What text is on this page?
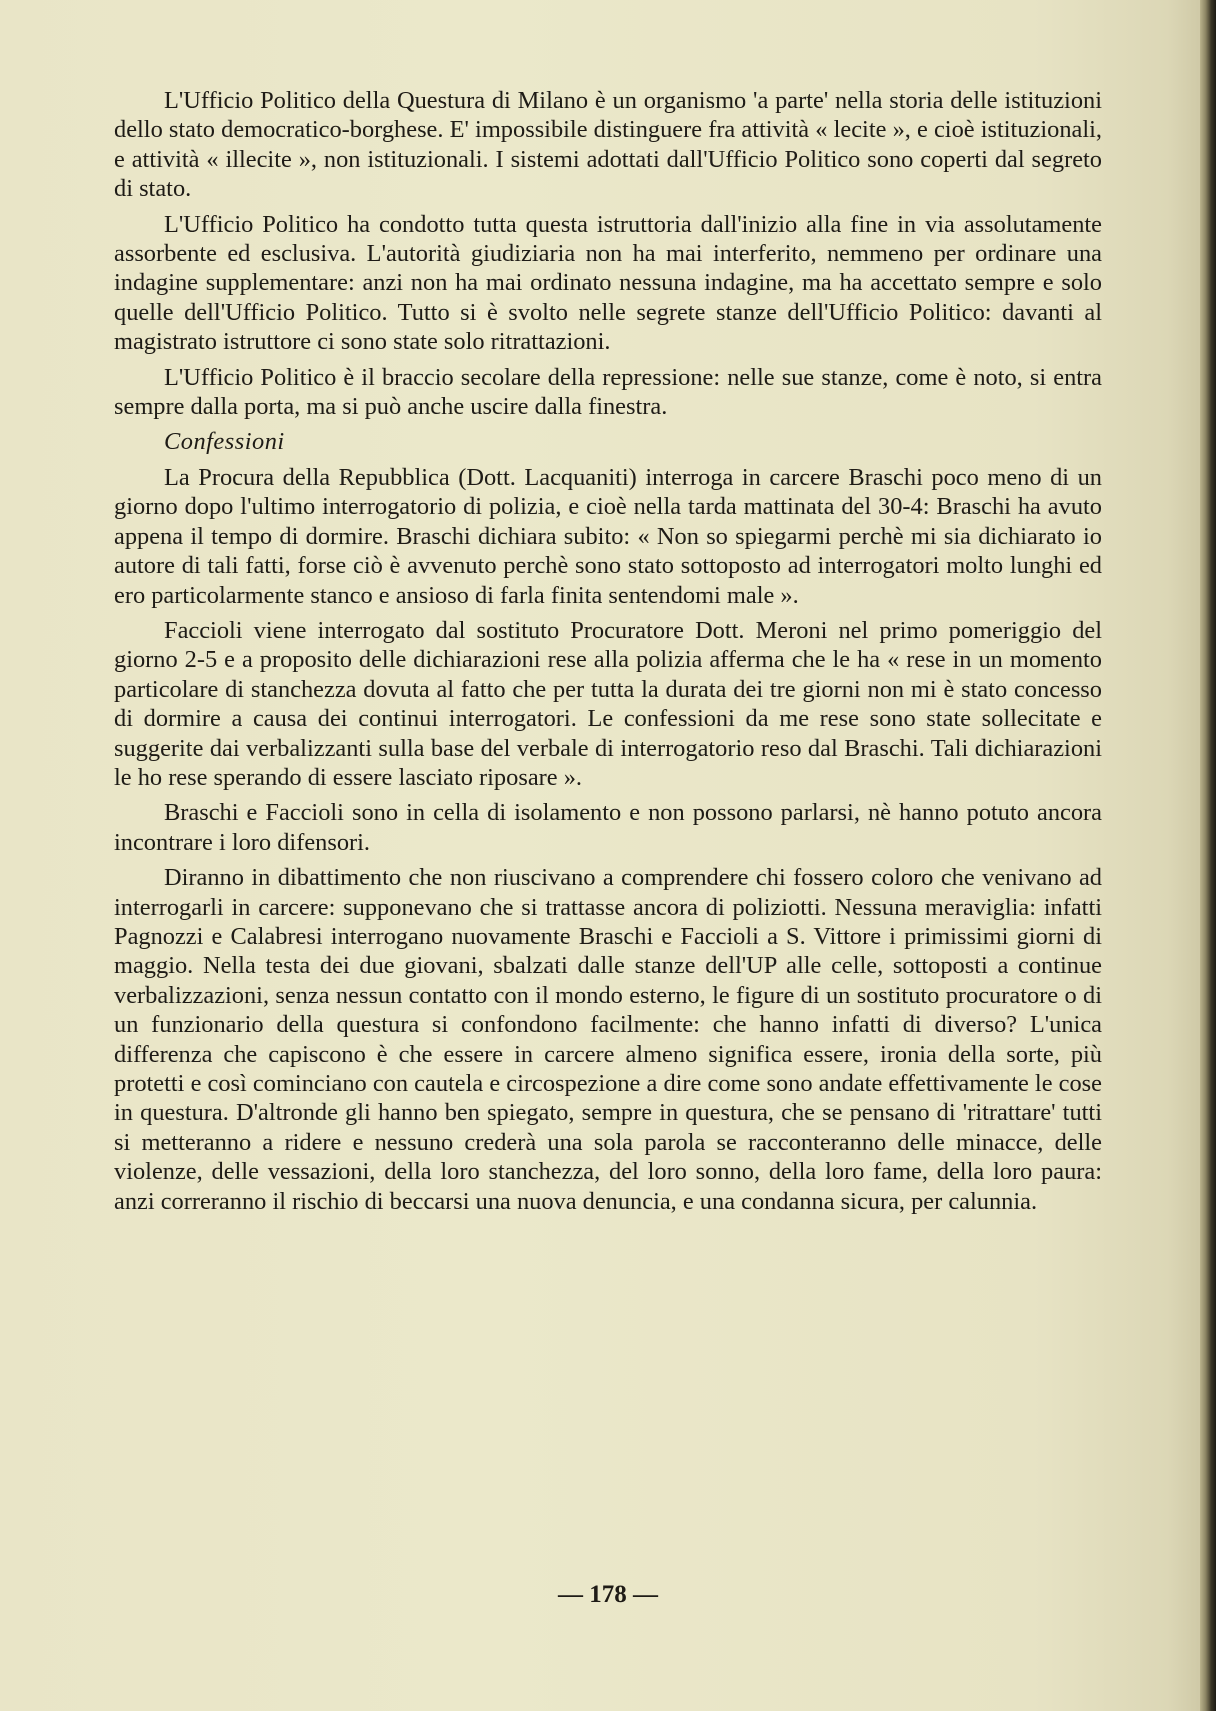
L'Ufficio Politico della Questura di Milano è un organismo 'a parte' nella storia delle istituzioni dello stato democratico-borghese. E' impossibile distinguere fra attività « lecite », e cioè istituzionali, e attività « illecite », non istituzionali. I sistemi adottati dall'Ufficio Politico sono coperti dal segreto di stato.

L'Ufficio Politico ha condotto tutta questa istruttoria dall'inizio alla fine in via assolutamente assorbente ed esclusiva. L'autorità giudiziaria non ha mai interferito, nemmeno per ordinare una indagine supplementare: anzi non ha mai ordinato nessuna indagine, ma ha accettato sempre e solo quelle dell'Ufficio Politico. Tutto si è svolto nelle segrete stanze dell'Ufficio Politico: davanti al magistrato istruttore ci sono state solo ritrattazioni.

L'Ufficio Politico è il braccio secolare della repressione: nelle sue stanze, come è noto, si entra sempre dalla porta, ma si può anche uscire dalla finestra.

Confessioni

La Procura della Repubblica (Dott. Lacquaniti) interroga in carcere Braschi poco meno di un giorno dopo l'ultimo interrogatorio di polizia, e cioè nella tarda mattinata del 30-4: Braschi ha avuto appena il tempo di dormire. Braschi dichiara subito: « Non so spiegarmi perchè mi sia dichiarato io autore di tali fatti, forse ciò è avvenuto perchè sono stato sottoposto ad interrogatori molto lunghi ed ero particolarmente stanco e ansioso di farla finita sentendomi male ».

Faccioli viene interrogato dal sostituto Procuratore Dott. Meroni nel primo pomeriggio del giorno 2-5 e a proposito delle dichiarazioni rese alla polizia afferma che le ha « rese in un momento particolare di stanchezza dovuta al fatto che per tutta la durata dei tre giorni non mi è stato concesso di dormire a causa dei continui interrogatori. Le confessioni da me rese sono state sollecitate e suggerite dai verbalizzanti sulla base del verbale di interrogatorio reso dal Braschi. Tali dichiarazioni le ho rese sperando di essere lasciato riposare ».

Braschi e Faccioli sono in cella di isolamento e non possono parlarsi, nè hanno potuto ancora incontrare i loro difensori.

Diranno in dibattimento che non riuscivano a comprendere chi fossero coloro che venivano ad interrogarli in carcere: supponevano che si trattasse ancora di poliziotti. Nessuna meraviglia: infatti Pagnozzi e Calabresi interrogano nuovamente Braschi e Faccioli a S. Vittore i primissimi giorni di maggio. Nella testa dei due giovani, sbalzati dalle stanze dell'UP alle celle, sottoposti a continue verbalizzazioni, senza nessun contatto con il mondo esterno, le figure di un sostituto procuratore o di un funzionario della questura si confondono facilmente: che hanno infatti di diverso? L'unica differenza che capiscono è che essere in carcere almeno significa essere, ironia della sorte, più protetti e così cominciano con cautela e circospezione a dire come sono andate effettivamente le cose in questura. D'altronde gli hanno ben spiegato, sempre in questura, che se pensano di 'ritrattare' tutti si metteranno a ridere e nessuno crederà una sola parola se racconteranno delle minacce, delle violenze, delle vessazioni, della loro stanchezza, del loro sonno, della loro fame, della loro paura: anzi correranno il rischio di beccarsi una nuova denuncia, e una condanna sicura, per calunnia.

— 178 —
